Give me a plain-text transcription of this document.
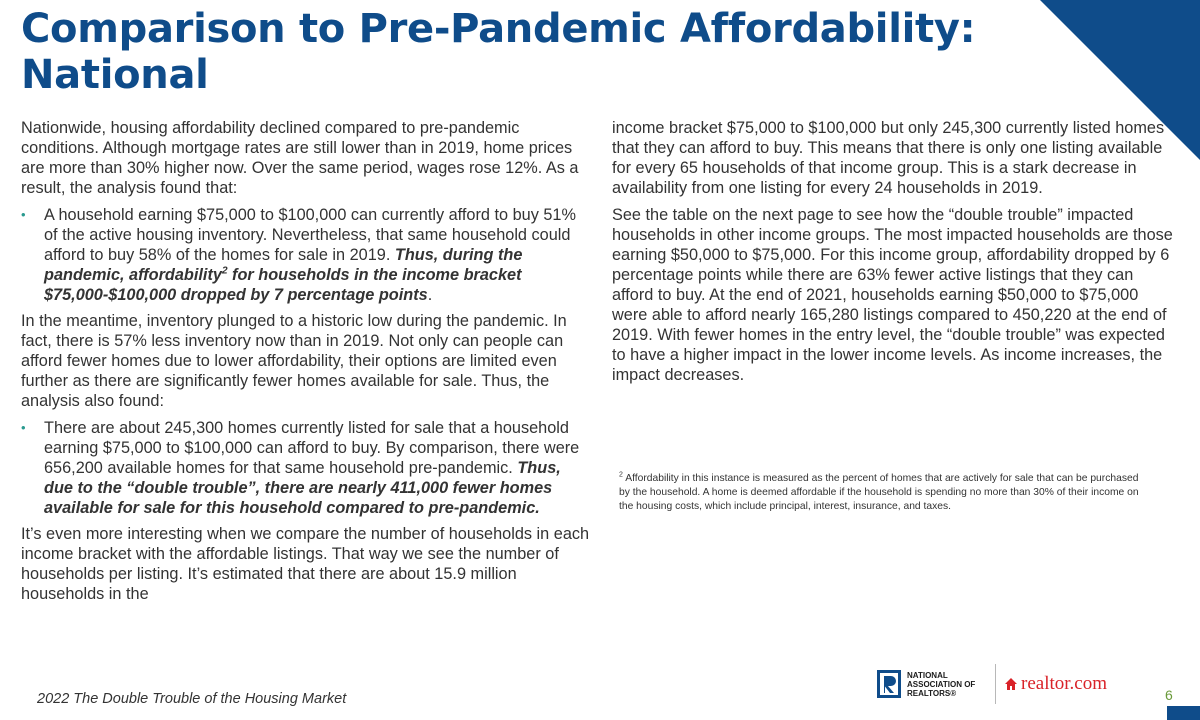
Comparison to Pre-Pandemic Affordability: National

Nationwide, housing affordability declined compared to pre-pandemic conditions. Although mortgage rates are still lower than in 2019, home prices are more than 30% higher now. Over the same period, wages rose 12%. As a result, the analysis found that:

• A household earning $75,000 to $100,000 can currently afford to buy 51% of the active housing inventory. Nevertheless, that same household could afford to buy 58% of the homes for sale in 2019. Thus, during the pandemic, affordability$^2$ for households in the income bracket $75,000-$100,000 dropped by 7 percentage points.

In the meantime, inventory plunged to a historic low during the pandemic. In fact, there is 57% less inventory now than in 2019. Not only can people can afford fewer homes due to lower affordability, their options are limited even further as there are significantly fewer homes available for sale. Thus, the analysis also found:

• There are about 245,300 homes currently listed for sale that a household earning $75,000 to $100,000 can afford to buy. By comparison, there were 656,200 available homes for that same household pre-pandemic. Thus, due to the “double trouble”, there are nearly 411,000 fewer homes available for sale for this household compared to pre-pandemic.

It’s even more interesting when we compare the number of households in each income bracket with the affordable listings. That way we see the number of households per listing. It’s estimated that there are about 15.9 million households in the

income bracket $75,000 to $100,000 but only 245,300 currently listed homes that they can afford to buy. This means that there is only one listing available for every 65 households of that income group. This is a stark decrease in availability from one listing for every 24 households in 2019.

See the table on the next page to see how the “double trouble” impacted households in other income groups. The most impacted households are those earning $50,000 to $75,000. For this income group, affordability dropped by 6 percentage points while there are 63% fewer active listings that they can afford to buy. At the end of 2021, households earning $50,000 to $75,000 were able to afford nearly 165,280 listings compared to 450,220 at the end of 2019. With fewer homes in the entry level, the “double trouble” was expected to have a higher impact in the lower income levels. As income increases, the impact decreases.

$^2$ Affordability in this instance is measured as the percent of homes that are actively for sale that can be purchased by the household. A home is deemed affordable if the household is spending no more than 30% of their income on the housing costs, which include principal, interest, insurance, and taxes.
2022 The Double Trouble of the Housing Market
NATIONAL
ASSOCIATION OF
REALTORS®	realtor.com
6
